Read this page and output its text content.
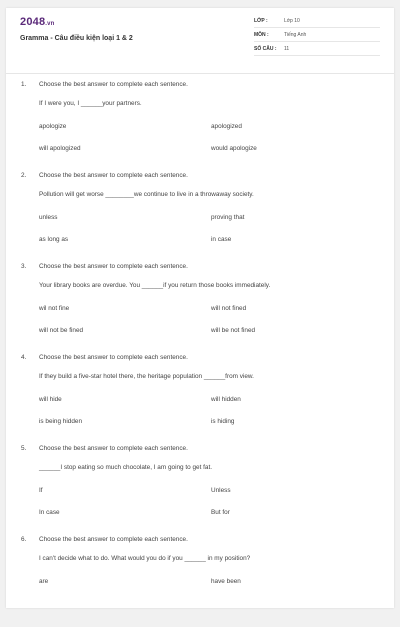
2048.vn
Gramma - Câu điều kiện loại 1 & 2
LỚP :	Lớp 10
MÔN :	Tiếng Anh
SỐ CÂU :	11
1. Choose the best answer to complete each sentence.
If I were you, I ______your partners.
apologize	apologized
will apologized	would apologize
2. Choose the best answer to complete each sentence.
Pollution will get worse ________we continue to live in a throwaway society.
unless	proving that
as long as	in case
3. Choose the best answer to complete each sentence.
Your library books are overdue. You ______if you return those books immediately.
wil not fine	will not fined
will not be fined	will be not fined
4. Choose the best answer to complete each sentence.
If they build a five-star hotel there, the heritage population ______from view.
will hide	will hidden
is being hidden	is hiding
5. Choose the best answer to complete each sentence.
______I stop eating so much chocolate, I am going to get fat.
If	Unless
In case	But for
6. Choose the best answer to complete each sentence.
I can't decide what to do. What would you do if you ______ in my position?
are	have been
